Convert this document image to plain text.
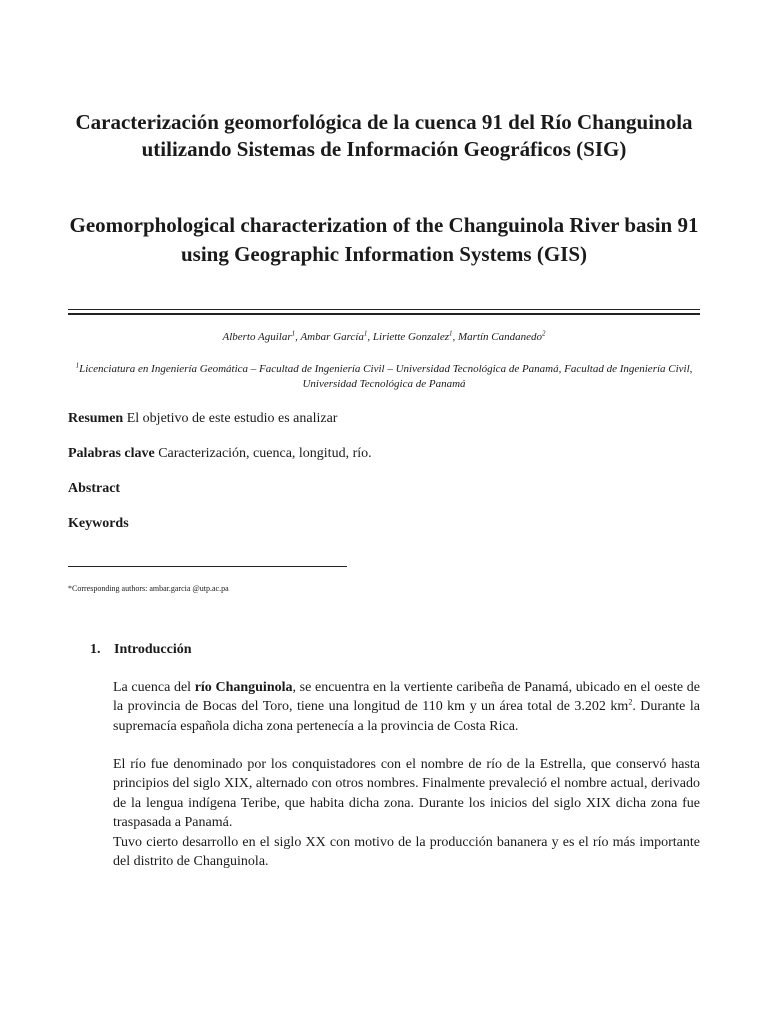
Caracterización geomorfológica de la cuenca 91 del Río Changuinola utilizando Sistemas de Información Geográficos (SIG)
Geomorphological characterization of the Changuinola River basin 91 using Geographic Information Systems (GIS)
Alberto Aguilar$^1$, Ambar García$^1$, Liriette Gonzalez$^1$, Martín Candanedo$^2$
$^1$Licenciatura en Ingeniería Geomática – Facultad de Ingeniería Civil – Universidad Tecnológica de Panamá, Facultad de Ingeniería Civil, Universidad Tecnológica de Panamá
Resumen El objetivo de este estudio es analizar
Palabras clave Caracterización, cuenca, longitud, río.
Abstract
Keywords
*Corresponding authors: ambar.garcia @utp.ac.pa
1. Introducción
La cuenca del río Changuinola, se encuentra en la vertiente caribeña de Panamá, ubicado en el oeste de la provincia de Bocas del Toro, tiene una longitud de 110 km y un área total de 3.202 $km^2$. Durante la supremacía española dicha zona pertenecía a la provincia de Costa Rica.
El río fue denominado por los conquistadores con el nombre de río de la Estrella, que conservó hasta principios del siglo XIX, alternado con otros nombres. Finalmente prevaleció el nombre actual, derivado de la lengua indígena Teribe, que habita dicha zona. Durante los inicios del siglo XIX dicha zona fue traspasada a Panamá.
Tuvo cierto desarrollo en el siglo XX con motivo de la producción bananera y es el río más importante del distrito de Changuinola.
